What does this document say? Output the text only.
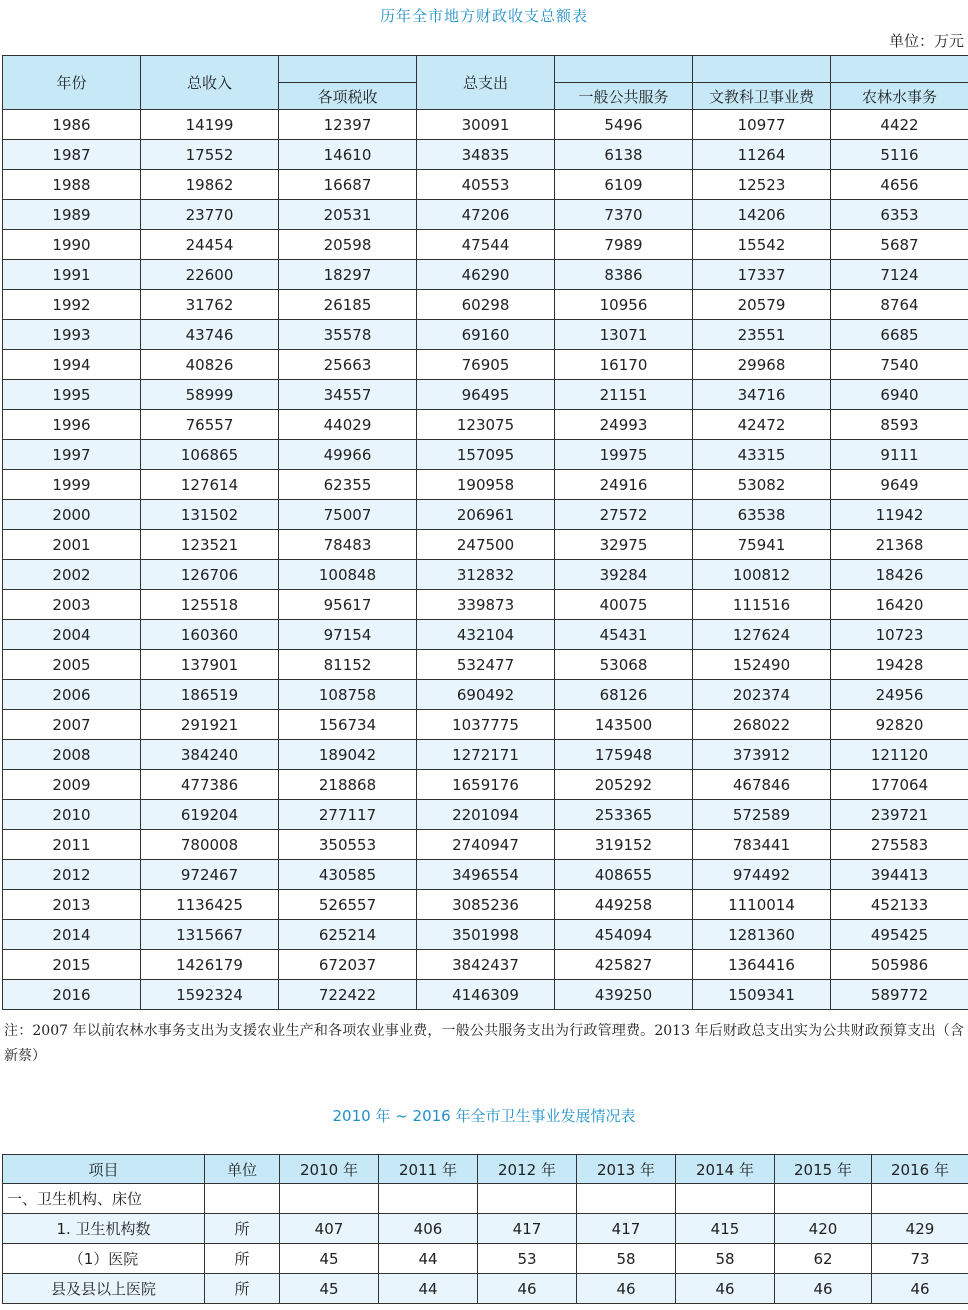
历年全市地方财政收支总额表
单位：万元
年份	总收入		总支出			
		各项税收		一般公共服务	文教科卫事业费	农林水事务
1986	14199	12397	30091	5496	10977	4422
1987	17552	14610	34835	6138	11264	5116
1988	19862	16687	40553	6109	12523	4656
1989	23770	20531	47206	7370	14206	6353
1990	24454	20598	47544	7989	15542	5687
1991	22600	18297	46290	8386	17337	7124
1992	31762	26185	60298	10956	20579	8764
1993	43746	35578	69160	13071	23551	6685
1994	40826	25663	76905	16170	29968	7540
1995	58999	34557	96495	21151	34716	6940
1996	76557	44029	123075	24993	42472	8593
1997	106865	49966	157095	19975	43315	9111
1999	127614	62355	190958	24916	53082	9649
2000	131502	75007	206961	27572	63538	11942
2001	123521	78483	247500	32975	75941	21368
2002	126706	100848	312832	39284	100812	18426
2003	125518	95617	339873	40075	111516	16420
2004	160360	97154	432104	45431	127624	10723
2005	137901	81152	532477	53068	152490	19428
2006	186519	108758	690492	68126	202374	24956
2007	291921	156734	1037775	143500	268022	92820
2008	384240	189042	1272171	175948	373912	121120
2009	477386	218868	1659176	205292	467846	177064
2010	619204	277117	2201094	253365	572589	239721
2011	780008	350553	2740947	319152	783441	275583
2012	972467	430585	3496554	408655	974492	394413
2013	1136425	526557	3085236	449258	1110014	452133
2014	1315667	625214	3501998	454094	1281360	495425
2015	1426179	672037	3842437	425827	1364416	505986
2016	1592324	722422	4146309	439250	1509341	589772
注：2007 年以前农林水事务支出为支援农业生产和各项农业事业费，一般公共服务支出为行政管理费。2013 年后财政总支出实为公共财政预算支出（含新蔡）
2010 年 ~ 2016 年全市卫生事业发展情况表
项目	单位	2010 年	2011 年	2012 年	2013 年	2014 年	2015 年	2016 年
一、卫生机构、床位								
1. 卫生机构数	所	407	406	417	417	415	420	429
（1）医院	所	45	44	53	58	58	62	73
县及县以上医院	所	45	44	46	46	46	46	46
